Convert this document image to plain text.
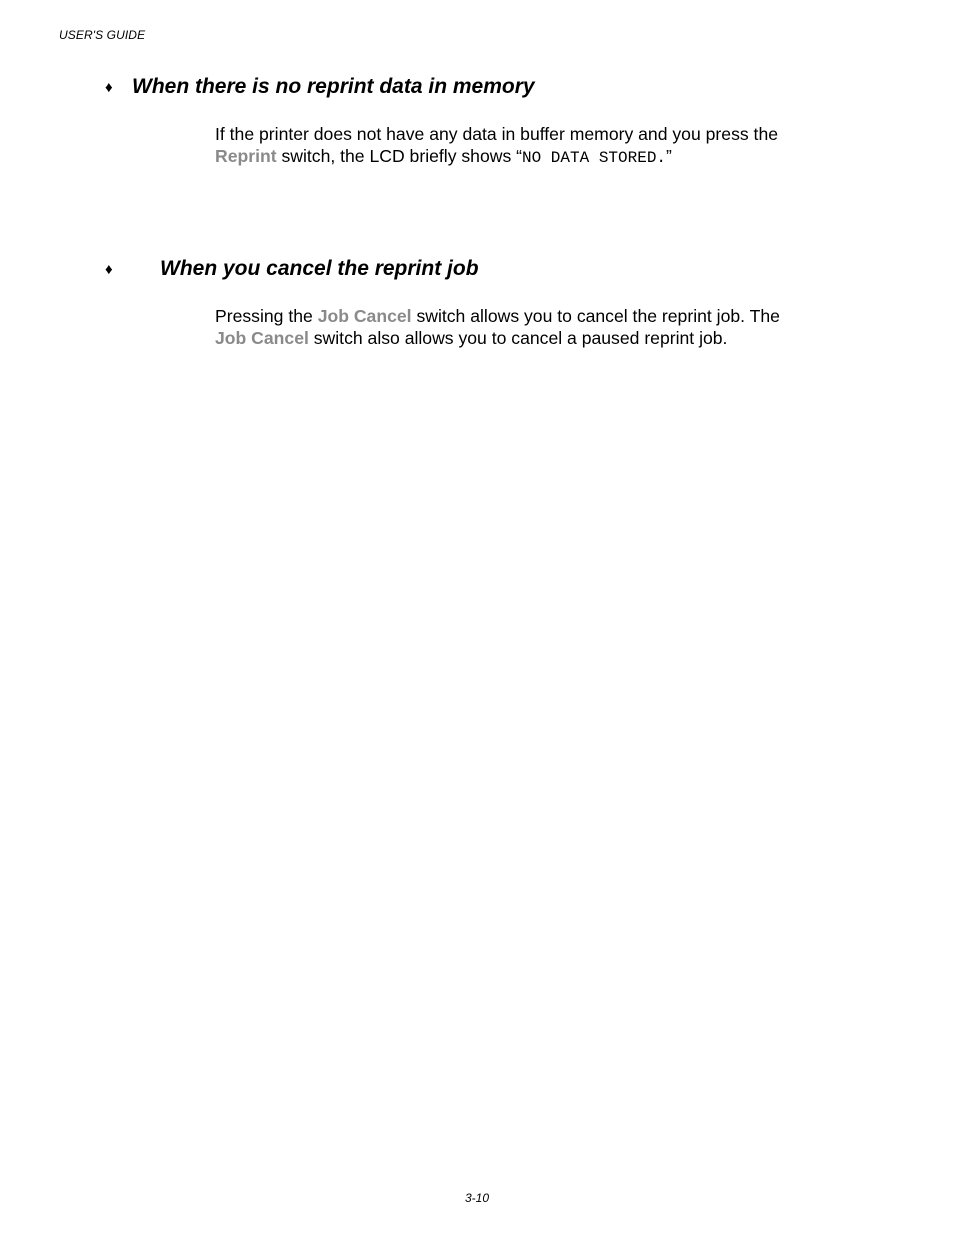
USER'S GUIDE
♦ When there is no reprint data in memory
If the printer does not have any data in buffer memory and you press the
Reprint switch, the LCD briefly shows “NO DATA STORED.”
♦ When you cancel the reprint job
Pressing the Job Cancel switch allows you to cancel the reprint job. The
Job Cancel switch also allows you to cancel a paused reprint job.
3-10
